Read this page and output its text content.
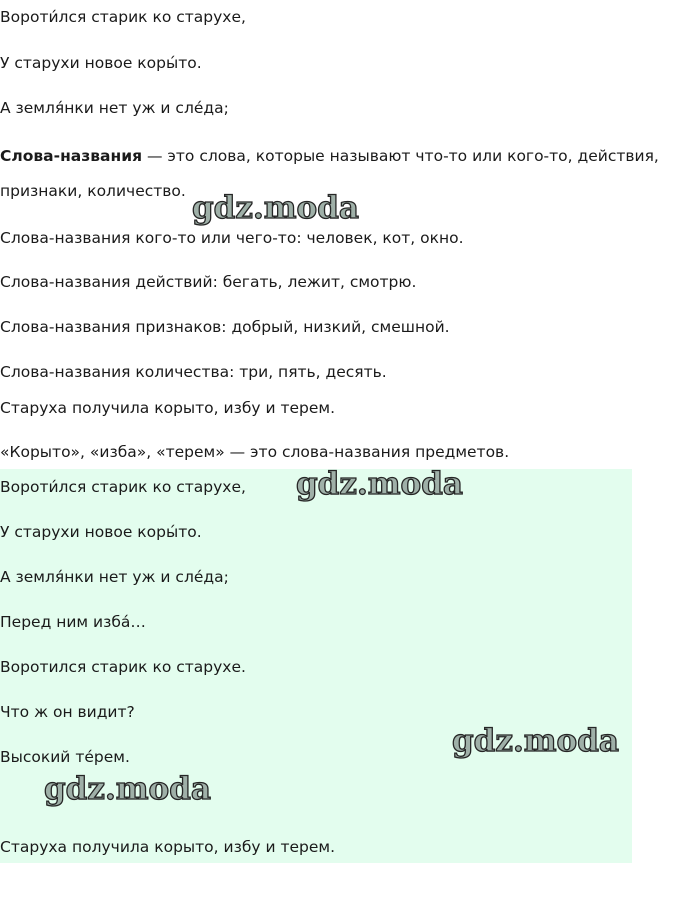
Вороти́лся старик ко старухе,

У старухи новое коры́то.

А земля́нки нет уж и сле́да;

Слова-названия — это слова, которые называют что-то или кого-то, действия,

признаки, количество.

Слова-названия кого-то или чего-то: человек, кот, окно.

Слова-названия действий: бегать, лежит, смотрю.

Слова-названия признаков: добрый, низкий, смешной.

Слова-названия количества: три, пять, десять.

Старуха получила корыто, избу и терем.

«Корыто», «изба», «терем» — это слова-названия предметов.

Вороти́лся старик ко старухе,

У старухи новое коры́то.

А земля́нки нет уж и сле́да;

Перед ним изба́…

Воротился старик ко старухе.

Что ж он видит?

Высокий те́рем.

Старуха получила корыто, избу и терем.

gdz.moda
gdz.moda
gdz.moda
gdz.moda
